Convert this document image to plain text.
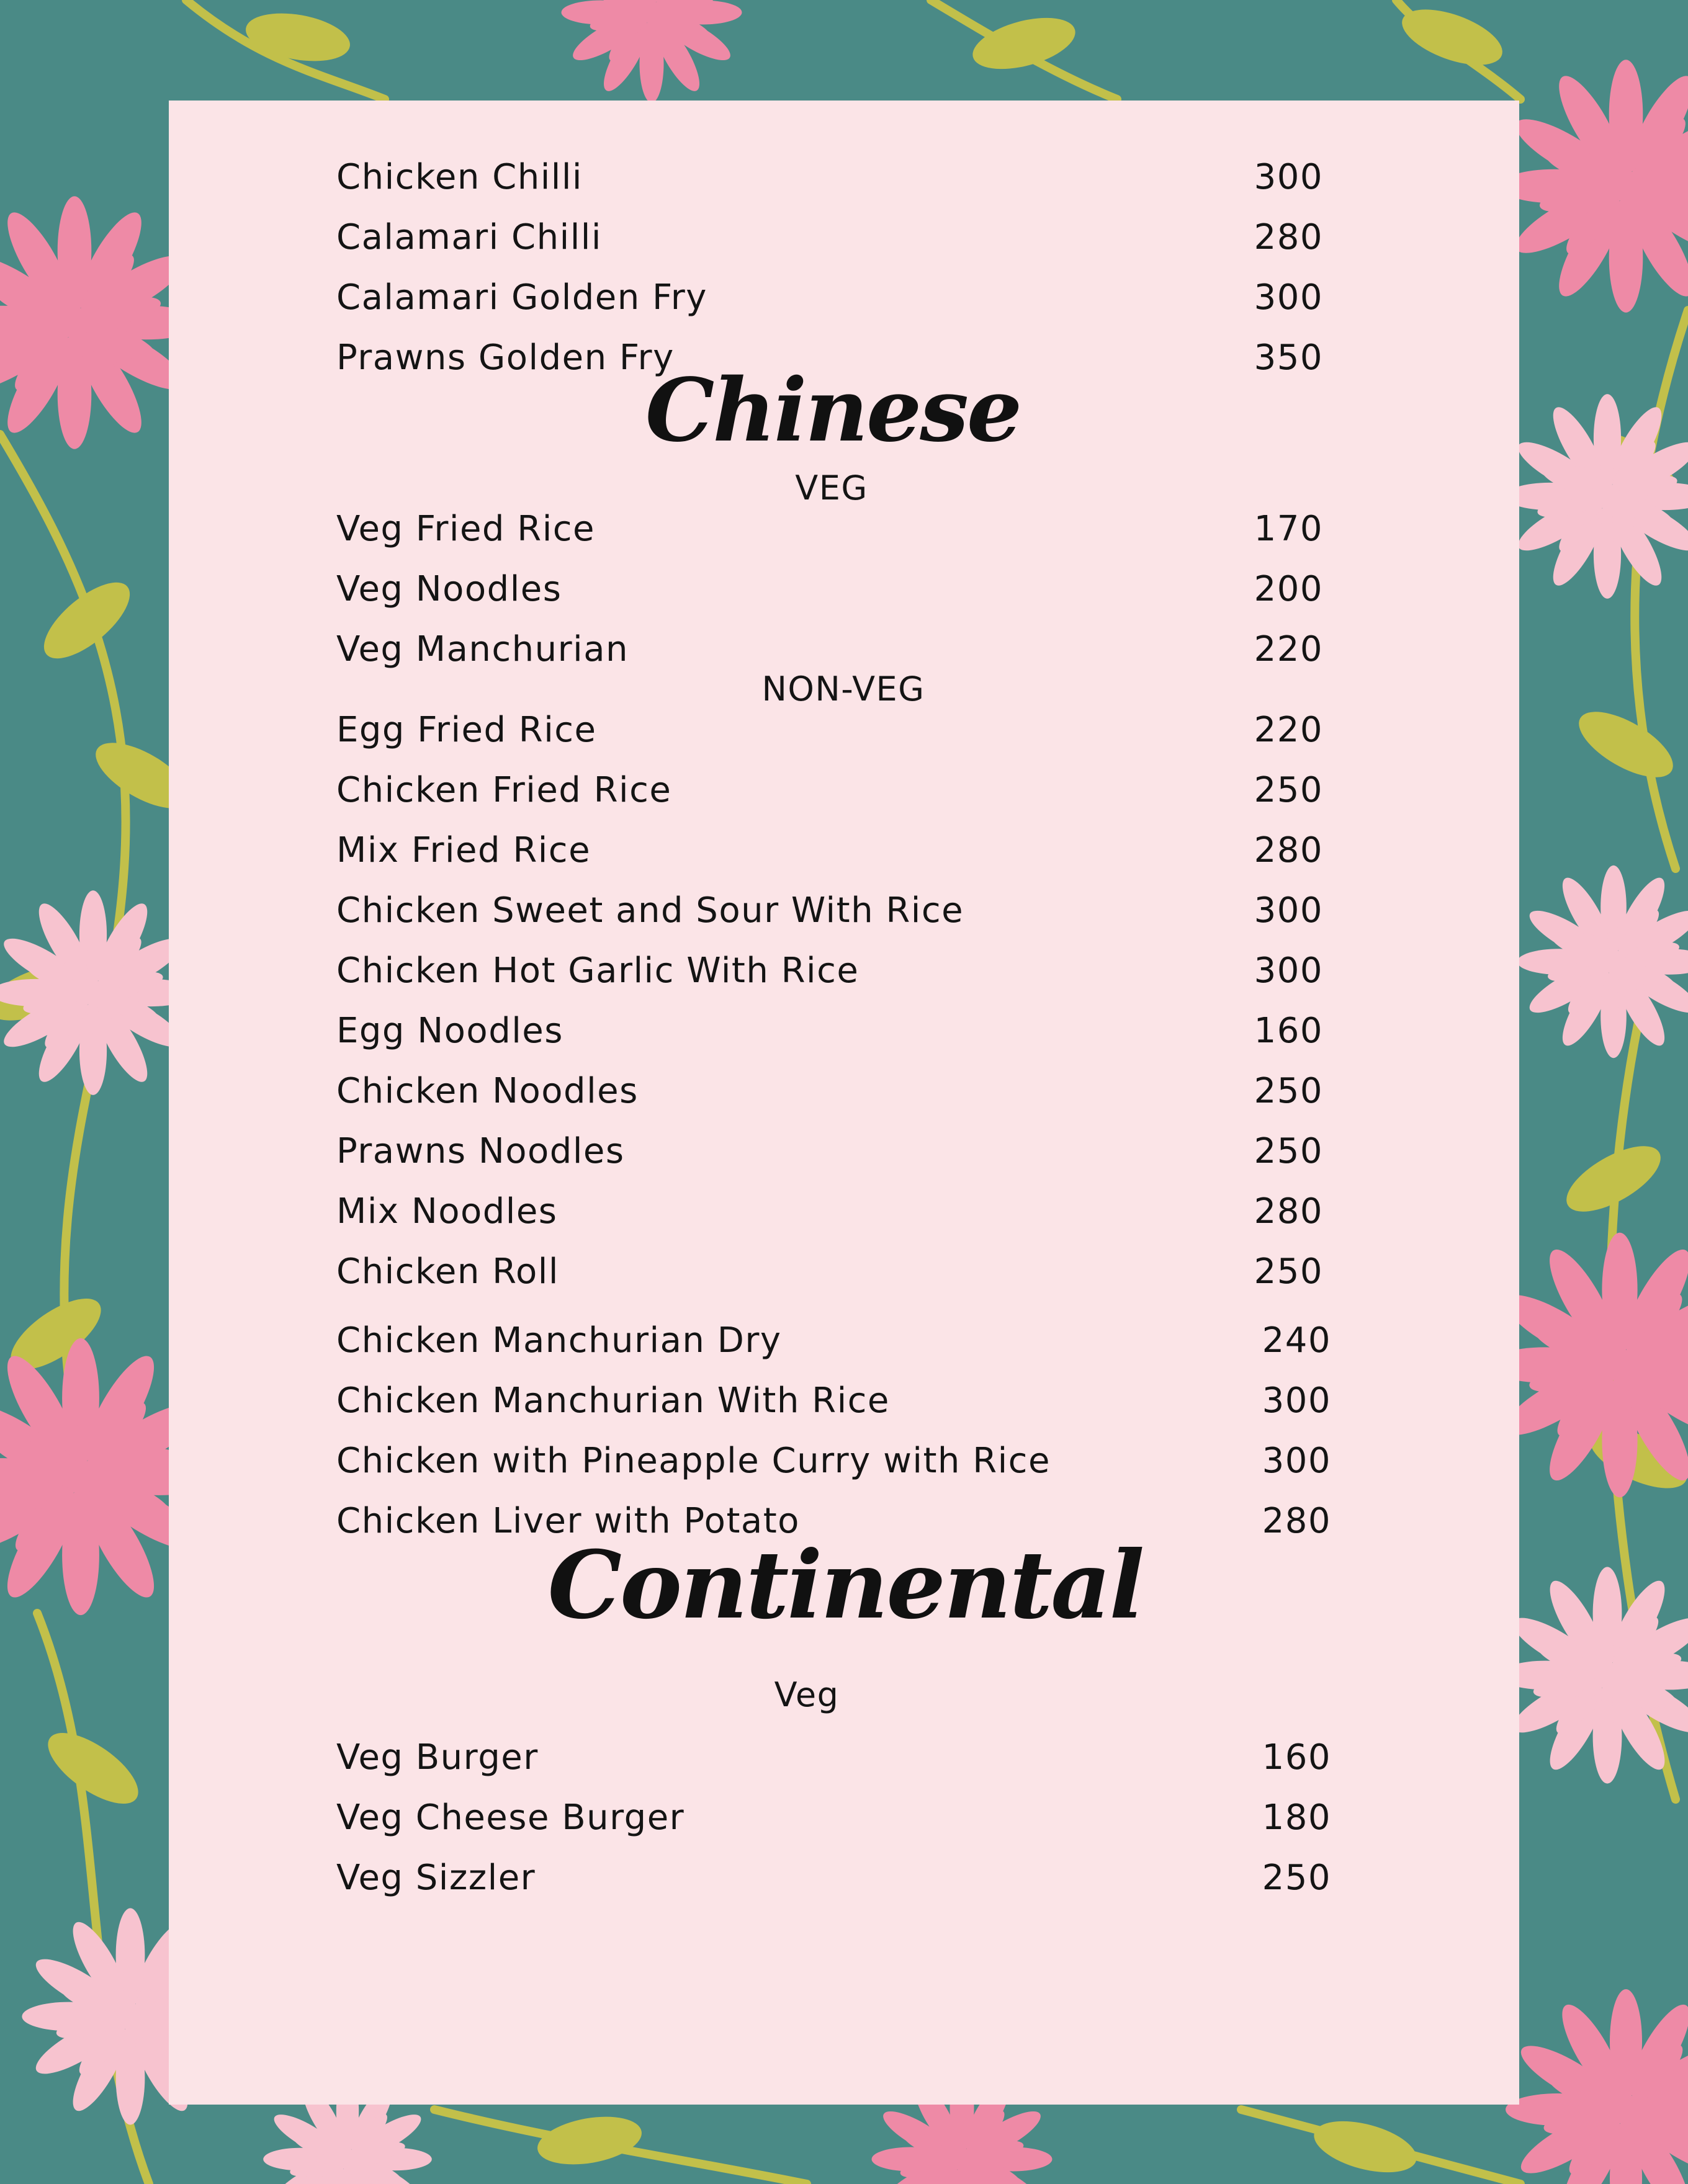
Chicken Chilli	300
Calamari Chilli	280
Calamari Golden Fry	300
Prawns Golden Fry	350
Chinese
VEG
Veg Fried Rice	170
Veg Noodles	200
Veg Manchurian	220
NON-VEG
Egg Fried Rice	220
Chicken Fried Rice	250
Mix Fried Rice	280
Chicken Sweet and Sour With Rice	300
Chicken Hot Garlic With Rice	300
Egg Noodles	160
Chicken Noodles	250
Prawns Noodles	250
Mix Noodles	280
Chicken Roll	250
Chicken Manchurian Dry	240
Chicken Manchurian With Rice	300
Chicken with Pineapple Curry with Rice	300
Chicken Liver with Potato	280
Continental
Veg
Veg Burger	160
Veg Cheese Burger	180
Veg Sizzler	250
